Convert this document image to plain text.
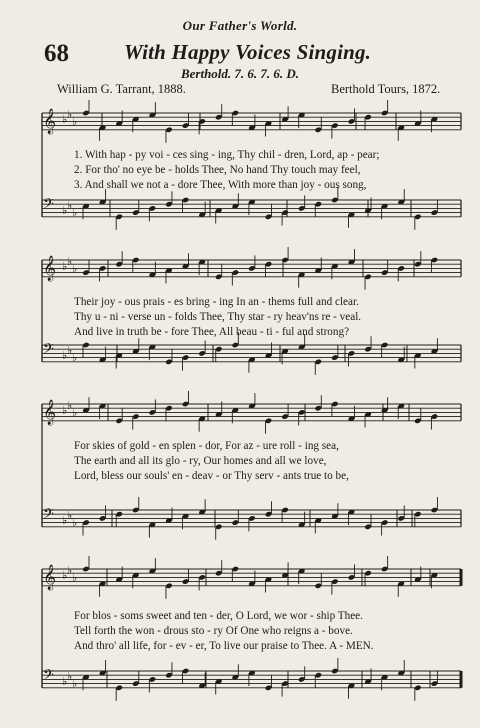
𝄞 ♭ ♭
♭
𝄢 ♭ ♭
♭
𝄞 ♭ ♭
♭
𝄢 ♭ ♭
♭
𝄞 ♭ ♭
♭
𝄢 ♭ ♭
♭
𝄞 ♭ ♭
♭
𝄢 ♭ ♭
♭
Our Father's World.
68	With Happy Voices Singing.
Berthold. 7. 6. 7. 6. D.
William G. Tarrant, 1888.	Berthold Tours, 1872.
1. With hap - py voi - ces sing - ing, Thy chil - dren, Lord, ap - pear;
2. For tho' no eye be - holds Thee, No hand Thy touch may feel,
3. And shall we not a - dore Thee, With more than joy - ous song,
Their joy - ous prais - es bring - ing In an - thems full and clear.
Thy u - ni - verse un - folds Thee, Thy star - ry heav'ns re - veal.
And live in truth be - fore Thee, All beau - ti - ful and strong?
For skies of gold - en splen - dor, For az - ure roll - ing sea,
The earth and all its glo - ry, Our homes and all we love,
Lord, bless our souls' en - deav - or Thy serv - ants true to be,
For blos - soms sweet and ten - der, O Lord, we wor - ship Thee.
Tell forth the won - drous sto - ry Of One who reigns a - bove.
And thro' all life, for - ev - er, To live our praise to Thee. A - MEN.
